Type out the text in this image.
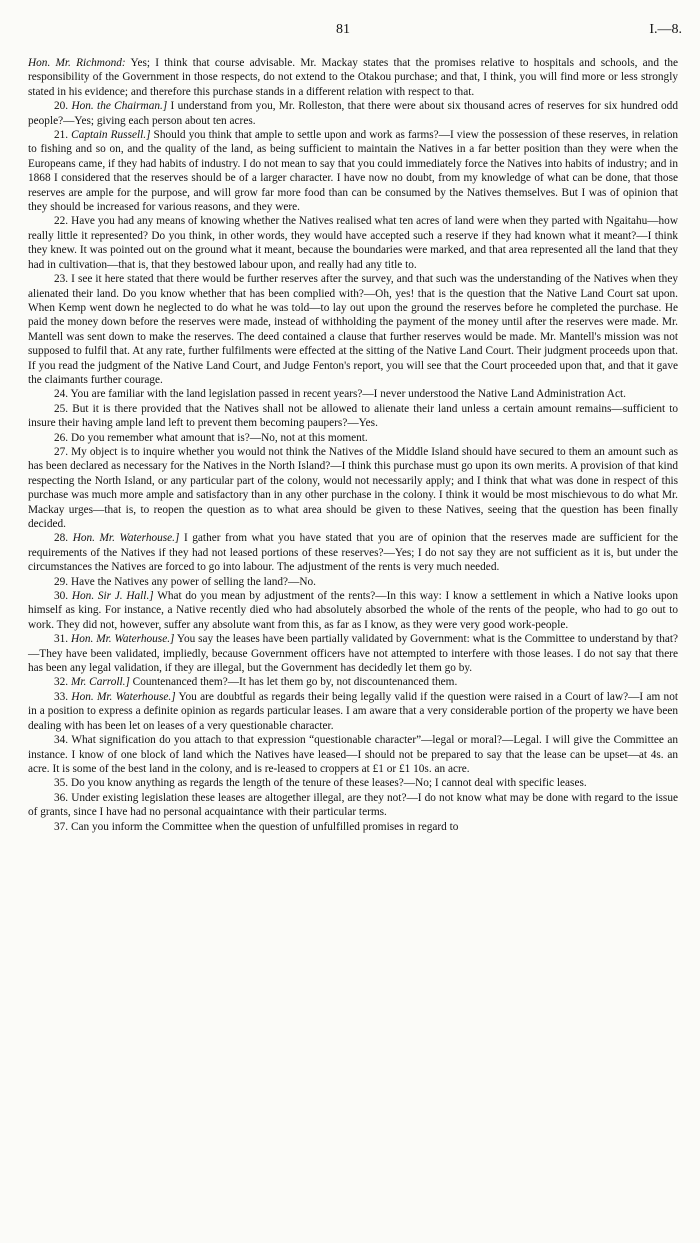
81	I.—8.

Hon. Mr. Richmond: Yes; I think that course advisable. Mr. Mackay states that the promises relative to hospitals and schools, and the responsibility of the Government in those respects, do not extend to the Otakou purchase; and that, I think, you will find more or less strongly stated in his evidence; and therefore this purchase stands in a different relation with respect to that.

20. Hon. the Chairman.] I understand from you, Mr. Rolleston, that there were about six thousand acres of reserves for six hundred odd people?—Yes; giving each person about ten acres.

21. Captain Russell.] Should you think that ample to settle upon and work as farms?—I view the possession of these reserves, in relation to fishing and so on, and the quality of the land, as being sufficient to maintain the Natives in a far better position than they were when the Europeans came, if they had habits of industry. I do not mean to say that you could immediately force the Natives into habits of industry; and in 1868 I considered that the reserves should be of a larger character. I have now no doubt, from my knowledge of what can be done, that those reserves are ample for the purpose, and will grow far more food than can be consumed by the Natives themselves. But I was of opinion that they should be increased for various reasons, and they were.

22. Have you had any means of knowing whether the Natives realised what ten acres of land were when they parted with Ngaitahu—how really little it represented? Do you think, in other words, they would have accepted such a reserve if they had known what it meant?—I think they knew. It was pointed out on the ground what it meant, because the boundaries were marked, and that area represented all the land that they had in cultivation—that is, that they bestowed labour upon, and really had any title to.

23. I see it here stated that there would be further reserves after the survey, and that such was the understanding of the Natives when they alienated their land. Do you know whether that has been complied with?—Oh, yes! that is the question that the Native Land Court sat upon. When Kemp went down he neglected to do what he was told—to lay out upon the ground the reserves before he completed the purchase. He paid the money down before the reserves were made, instead of withholding the payment of the money until after the reserves were made. Mr. Mantell was sent down to make the reserves. The deed contained a clause that further reserves would be made. Mr. Mantell's mission was not supposed to fulfil that. At any rate, further fulfilments were effected at the sitting of the Native Land Court. Their judgment proceeds upon that. If you read the judgment of the Native Land Court, and Judge Fenton's report, you will see that the Court proceeded upon that, and that it gave the claimants further courage.

24. You are familiar with the land legislation passed in recent years?—I never understood the Native Land Administration Act.

25. But it is there provided that the Natives shall not be allowed to alienate their land unless a certain amount remains—sufficient to insure their having ample land left to prevent them becoming paupers?—Yes.

26. Do you remember what amount that is?—No, not at this moment.

27. My object is to inquire whether you would not think the Natives of the Middle Island should have secured to them an amount such as has been declared as necessary for the Natives in the North Island?—I think this purchase must go upon its own merits. A provision of that kind respecting the North Island, or any particular part of the colony, would not necessarily apply; and I think that what was done in respect of this purchase was much more ample and satisfactory than in any other purchase in the colony. I think it would be most mischievous to do what Mr. Mackay urges—that is, to reopen the question as to what area should be given to these Natives, seeing that the question has been finally decided.

28. Hon. Mr. Waterhouse.] I gather from what you have stated that you are of opinion that the reserves made are sufficient for the requirements of the Natives if they had not leased portions of these reserves?—Yes; I do not say they are not sufficient as it is, but under the circumstances the Natives are forced to go into labour. The adjustment of the rents is very much needed.

29. Have the Natives any power of selling the land?—No.

30. Hon. Sir J. Hall.] What do you mean by adjustment of the rents?—In this way: I know a settlement in which a Native looks upon himself as king. For instance, a Native recently died who had absolutely absorbed the whole of the rents of the people, who had to go out to work. They did not, however, suffer any absolute want from this, as far as I know, as they were very good work-people.

31. Hon. Mr. Waterhouse.] You say the leases have been partially validated by Government: what is the Committee to understand by that?—They have been validated, impliedly, because Government officers have not attempted to interfere with those leases. I do not say that there has been any legal validation, if they are illegal, but the Government has decidedly let them go by.

32. Mr. Carroll.] Countenanced them?—It has let them go by, not discountenanced them.

33. Hon. Mr. Waterhouse.] You are doubtful as regards their being legally valid if the question were raised in a Court of law?—I am not in a position to express a definite opinion as regards particular leases. I am aware that a very considerable portion of the property we have been dealing with has been let on leases of a very questionable character.

34. What signification do you attach to that expression “questionable character”—legal or moral?—Legal. I will give the Committee an instance. I know of one block of land which the Natives have leased—I should not be prepared to say that the lease can be upset—at 4s. an acre. It is some of the best land in the colony, and is re-leased to croppers at £1 or £1 10s. an acre.

35. Do you know anything as regards the length of the tenure of these leases?—No; I cannot deal with specific leases.

36. Under existing legislation these leases are altogether illegal, are they not?—I do not know what may be done with regard to the issue of grants, since I have had no personal acquaintance with their particular terms.

37. Can you inform the Committee when the question of unfulfilled promises in regard to
